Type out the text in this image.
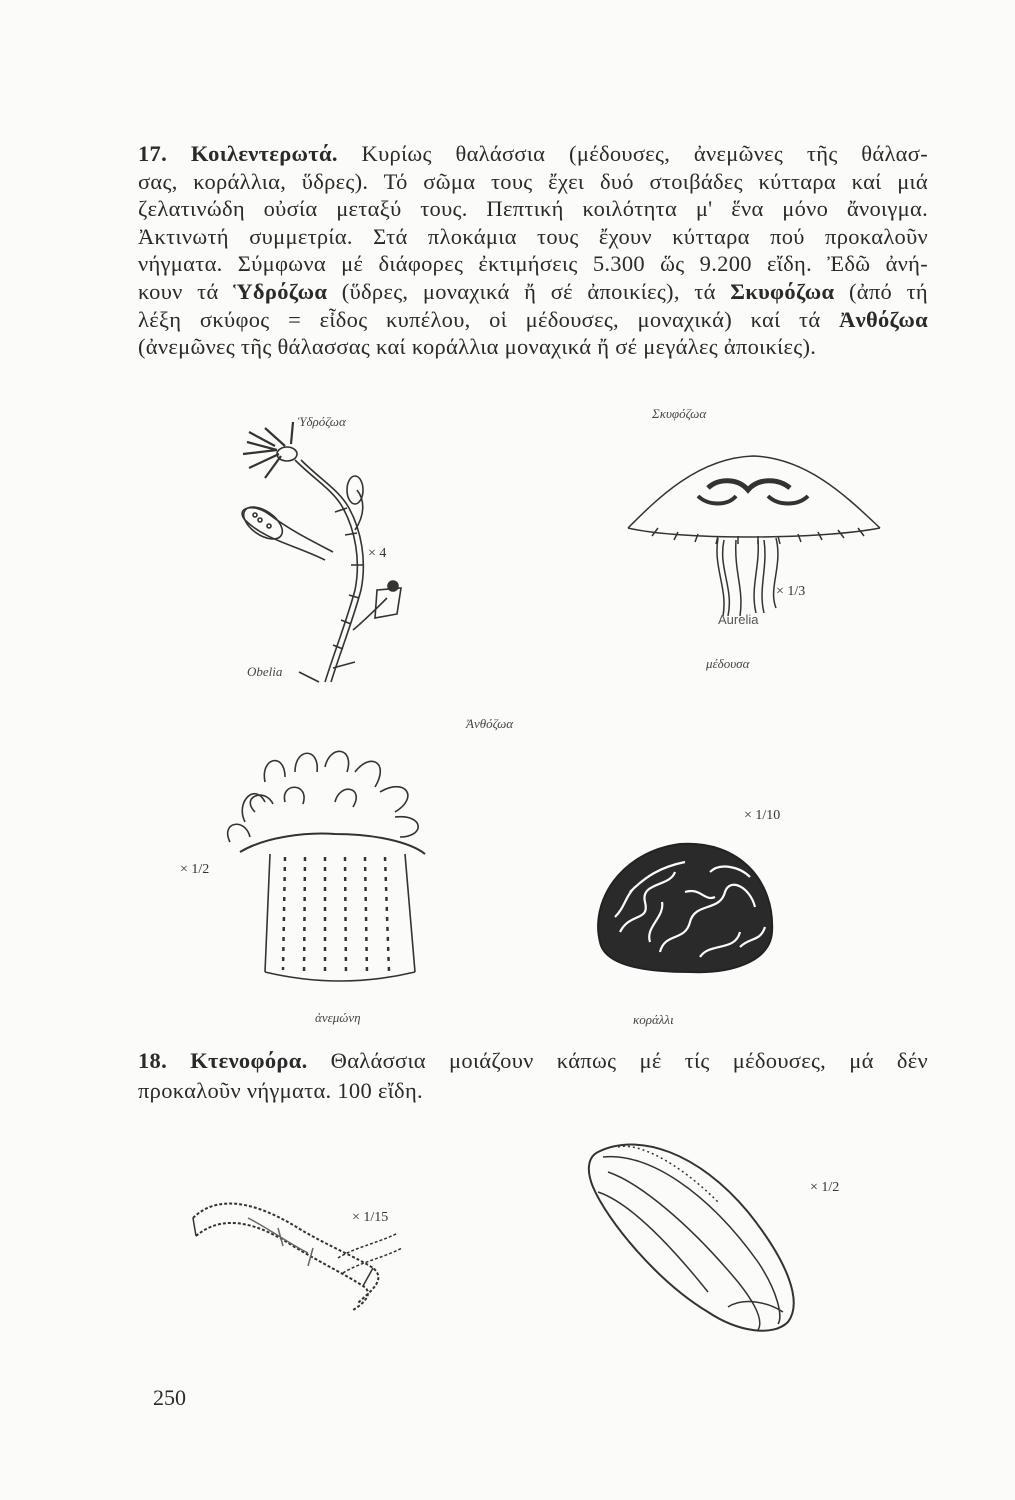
17. Κοιλεντερωτά. Κυρίως θαλάσσια (μέδουσες, ἀνεμῶνες τῆς θάλασ-
σας, κοράλλια, ὕδρες). Τό σῶμα τους ἔχει δυό στοιβάδες κύτταρα καί μιά
ζελατινώδη οὐσία μεταξύ τους. Πεπτική κοιλότητα μ' ἕνα μόνο ἄνοιγμα.
Ἀκτινωτή συμμετρία. Στά πλοκάμια τους ἔχουν κύτταρα πού προκαλοῦν
νήγματα. Σύμφωνα μέ διάφορες ἐκτιμήσεις 5.300 ὥς 9.200 εἴδη. Ἐδῶ ἀνή-
κουν τά Ὑδρόζωα (ὕδρες, μοναχικά ἤ σέ ἀποικίες), τά Σκυφόζωα (ἀπό τή
λέξη σκύφος = εἶδος κυπέλου, οἱ μέδουσες, μοναχικά) καί τά Ἀνθόζωα
(ἀνεμῶνες τῆς θάλασσας καί κοράλλια μοναχικά ἤ σέ μεγάλες ἀποικίες).
Ὑδρόζωα
Σκυφόζωα
× 4
Obelia
× 1/3
Aurelia
μέδουσα
Ἀνθόζωα
× 1/2
ἀνεμώνη
× 1/10
κοράλλι
18. Κτενοφόρα. Θαλάσσια μοιάζουν κάπως μέ τίς μέδουσες, μά δέν
προκαλοῦν νήγματα. 100 εἴδη.
× 1/15
× 1/2
250
